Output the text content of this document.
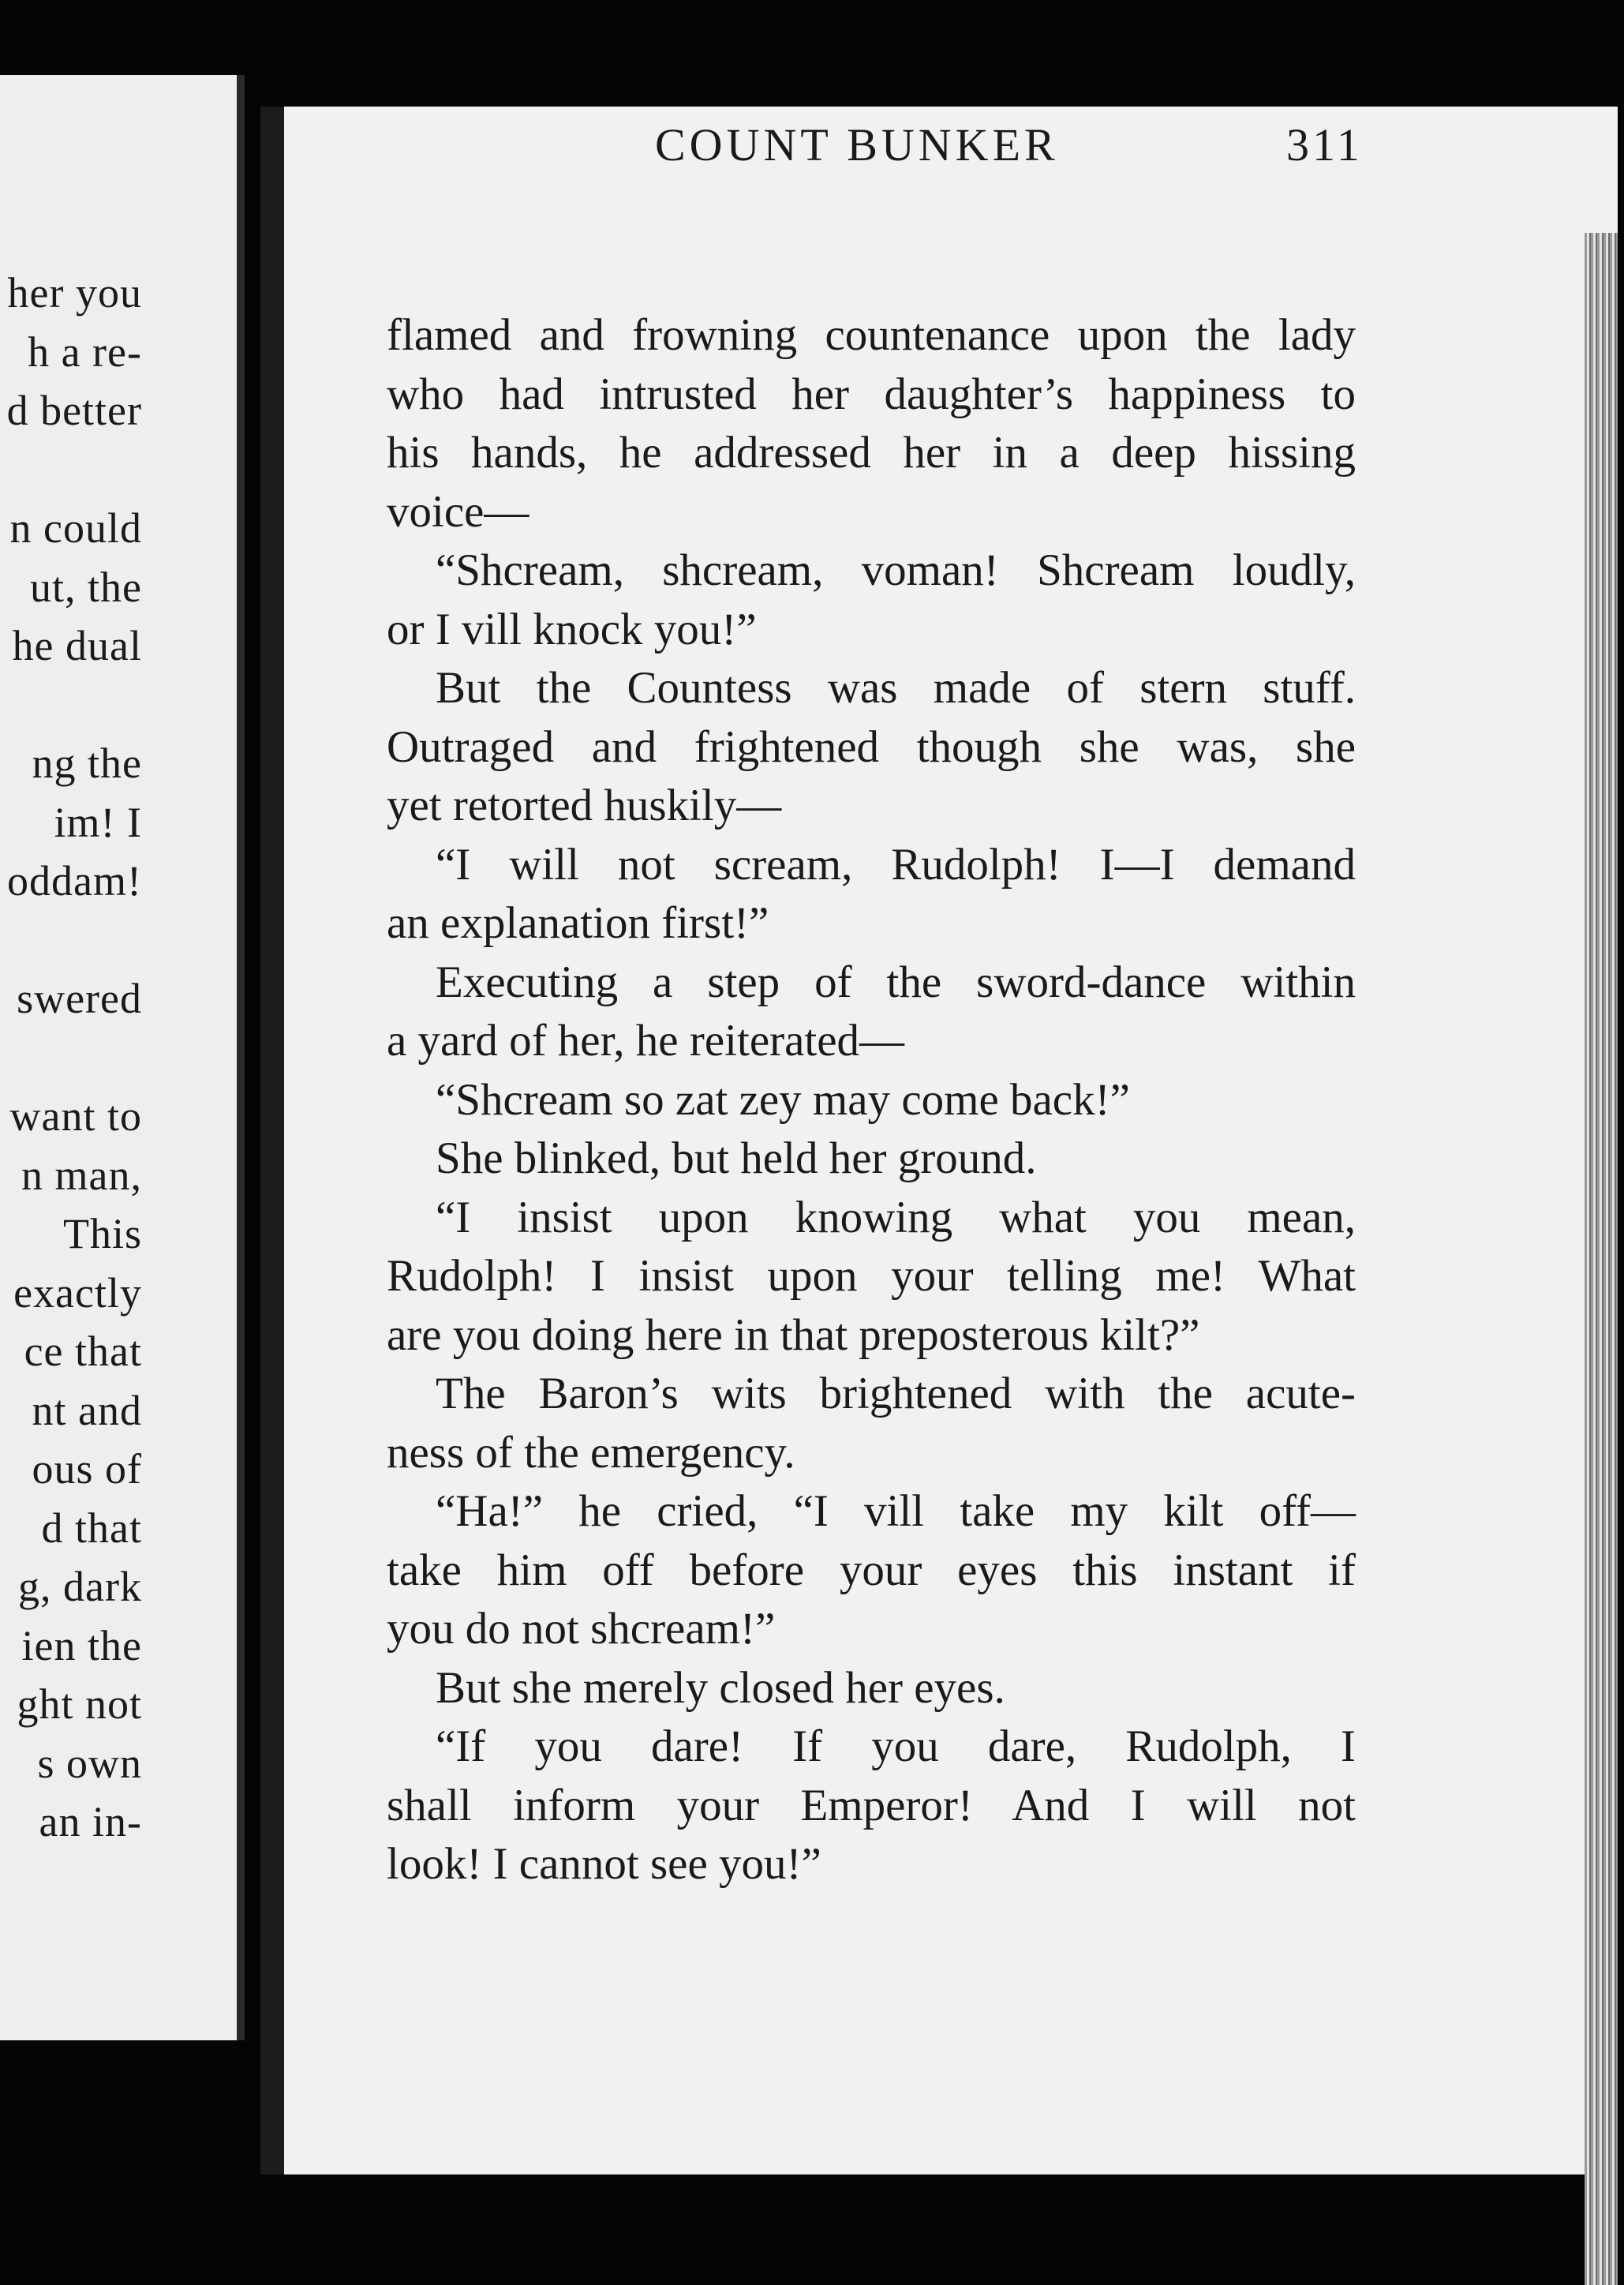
her you
h a re-
d better
n could
ut, the
he dual
ng the
im! I
oddam!
swered
want to
n man,
This
exactly
ce that
nt and
ous of
d that
g, dark
ien the
ght not
s own
an in-
COUNT BUNKER	311
flamed and frowning countenance upon the lady
who had intrusted her daughter’s happiness to
his hands, he addressed her in a deep hissing
voice—
“Shcream, shcream, voman! Shcream loudly,
or I vill knock you!”
But the Countess was made of stern stuff.
Outraged and frightened though she was, she
yet retorted huskily—
“I will not scream, Rudolph! I—I demand
an explanation first!”
Executing a step of the sword-dance within
a yard of her, he reiterated—
“Shcream so zat zey may come back!”
She blinked, but held her ground.
“I insist upon knowing what you mean,
Rudolph! I insist upon your telling me! What
are you doing here in that preposterous kilt?”
The Baron’s wits brightened with the acute-
ness of the emergency.
“Ha!” he cried, “I vill take my kilt off—
take him off before your eyes this instant if
you do not shcream!”
But she merely closed her eyes.
“If you dare! If you dare, Rudolph, I
shall inform your Emperor! And I will not
look! I cannot see you!”
